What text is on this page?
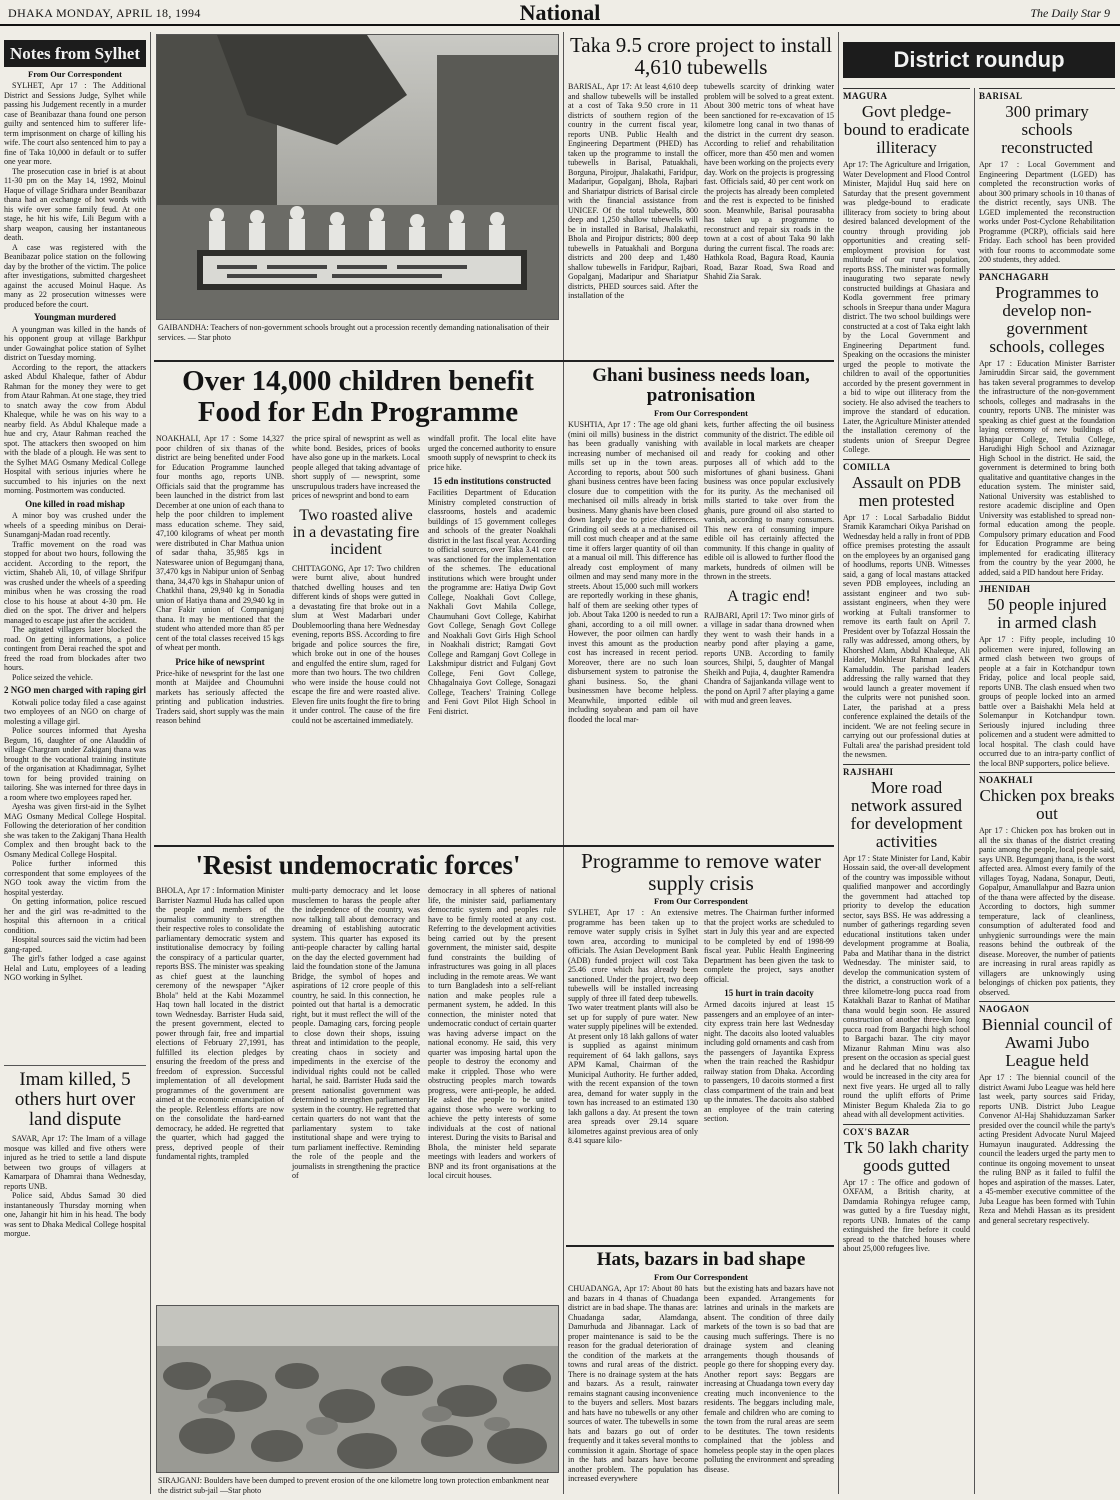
DHAKA MONDAY, APRIL 18, 1994	National	The Daily Star 9
Notes from Sylhet
From Our Correspondent

SYLHET, Apr 17 : The Additional District and Sessions Judge, Sylhet while passing his Judgement recently in a murder case of Beanibazar thana found one person guilty and sentenced him to sufferer life-term imprisonment on charge of killing his wife. The court also sentenced him to pay a fine of Taka 10,000 in default or to suffer one year more.

The prosecution case in brief is at about 11-30 pm on the May 14, 1992, Moinul Haque of village Sridhara under Beanibazar thana had an exchange of hot words with his wife over some family feud. At one stage, he hit his wife, Lili Begum with a sharp weapon, causing her instantaneous death.

A case was registered with the Beanibazar police station on the following day by the brother of the victim. The police after investigations, submitted chargesheet against the accused Moinul Haque. As many as 22 prosecution witnesses were produced before the court.

Youngman murdered

A youngman was killed in the hands of his opponent group at village Barkhpur under Gowainghat police station of Sylhet district on Tuesday morning.

According to the report, the attackers asked Abdul Khaleque, father of Abdur Rahman for the money they were to get from Ataur Rahman. At one stage, they tried to snatch away the cow from Abdul Khaleque, while he was on his way to a nearby field. As Abdul Khaleque made a hue and cry, Ataur Rahman reached the spot. The attackers then swooped on him with the blade of a plough. He was sent to the Sylhet MAG Osmany Medical College Hospital with serious injuries where he succumbed to his injuries on the next morning. Postmortem was conducted.

One killed in road mishap

A minor boy was crushed under the wheels of a speeding minibus on Derai-Sunamganj-Madan road recently.

Traffic movement on the road was stopped for about two hours, following the accident. According to the report, the victim, Shaheb Ali, 10, of village Shrifpur was crushed under the wheels of a speeding minibus when he was crossing the road close to his house at about 4-30 pm. He died on the spot. The driver and helpers managed to escape just after the accident.

The agitated villagers later blocked the road. On getting informations, a police contingent from Derai reached the spot and freed the road from blockades after two hours.

Police seized the vehicle.

2 NGO men charged with raping girl

Kotwali police today filed a case against two employees of an NGO on charge of molesting a village girl.

Police sources informed that Ayesha Begum, 16, daughter of one Alauddin of village Chargram under Zakiganj thana was brought to the vocational training institute of the organisation at Khadimnagar, Sylhet town for being provided training on tailoring. She was interned for three days in a room where two employees raped her.

Ayesha was given first-aid in the Sylhet MAG Osmany Medical College Hospital. Following the deterioration of her condition she was taken to the Zakiganj Thana Health Complex and then brought back to the Osmany Medical College Hospital.

Police further informed this correspondent that some employees of the NGO took away the victim from the hospital yesterday.

On getting information, police rescued her and the girl was re-admitted to the hospital this afternoon in a critical condition.

Hospital sources said the victim had been gang-raped.

The girl's father lodged a case against Helal and Lutu, employees of a leading NGO working in Sylhet.

Imam killed, 5 others hurt over land dispute

SAVAR, Apr 17: The Imam of a village mosque was killed and five others were injured as he tried to settle a land dispute between two groups of villagers at Kamarpara of Dhamrai thana Wednesday, reports UNB.

Police said, Abdus Samad 30 died instantaneously Thursday morning when one, Jahangir hit him in his head. The body was sent to Dhaka Medical College hospital morgue.

GAIBANDHA: Teachers of non-government schools brought out a procession recently demanding nationalisation of their services. — Star photo
Taka 9.5 crore project to install 4,610 tubewells
BARISAL, Apr 17: At least 4,610 deep and shallow tubewells will be installed at a cost of Taka 9.50 crore in 11 districts of southern region of the country in the current fiscal year, reports UNB. Public Health and Engineering Department (PHED) has taken up the programme to install the tubewells in Barisal, Patuakhali, Borguna, Pirojpur, Jhalakathi, Faridpur, Madaripur, Gopalganj, Bhola, Rajbari and Shariatpur districts of Barisal circle with the financial assistance from UNICEF. Of the total tubewells, 800 deep and 1,250 shallow tubewells will be in installed in Barisal, Jhalakathi, Bhola and Pirojpur districts; 800 deep tubewells in Patuakhali and Borguna districts and 200 deep and 1,480 shallow tubewells in Faridpur, Rajbari, Gopalganj, Madaripur and Shariatpur districts, PHED sources said. After the installation of the
tubewells scarcity of drinking water problem will be solved to a great extent. About 300 metric tons of wheat have been sanctioned for re-excavation of 15 kilometre long canal in two thanas of the district in the current dry season. According to relief and rehabilitation officer, more than 450 men and women have been working on the projects every day. Work on the projects is progressing fast. Officials said, 40 per cent work on the projects has already been completed and the rest is expected to be finished soon. Meanwhile, Barisal pourasabha has taken up a programme to reconstruct and repair six roads in the town at a cost of about Taka 90 lakh during the current fiscal. The roads are: Hathkola Road, Bagura Road, Kaunia Road, Bazar Road, Swa Road and Shahid Zia Sarak.
Over 14,000 children benefit Food for Edn Programme
NOAKHALI, Apr 17 : Some 14,327 poor children of six thanas of the district are being benefited under Food for Education Programme launched four months ago, reports UNB. Officials said that the programme has been launched in the district from last December at one union of each thana to help the poor children to implement mass education scheme. They said, 47,100 kilograms of wheat per month were distributed in Char Mathua union of sadar thaha, 35,985 kgs in Nateswaree union of Begumganj thana, 37,470 kgs in Nabipur union of Senbag thana, 34,470 kgs in Shahapur union of Chatkhil thana, 29,940 kg in Sonadia union of Hatiya thana and 29,940 kg in Char Fakir union of Companiganj thana. It may be mentioned that the student who attended more than 85 per cent of the total classes received 15 kgs of wheat per month.
Price hike of newsprint
Price-hike of newsprint for the last one month at Maijdee and Choumuhni markets has seriously affected the printing and publication industries. Traders said, short supply was the main reason behind
the price spiral of newsprint as well as white bond. Besides, prices of books have also gone up in the markets. Local people alleged that taking advantage of short supply of — newsprint, some unscrupulous traders have increased the prices of newsprint and bond to earn
Two roasted alive in a devastating fire incident
CHITTAGONG, Apr 17: Two children were burnt alive, about hundred thatched dwelling houses and ten different kinds of shops were gutted in a devastating fire that broke out in a slum at West Madarbari under Doublemoorling thana here Wednesday evening, reports BSS. According to fire brigade and police sources the fire, which broke out in one of the houses and engulfed the entire slum, raged for more than two hours. The two children who were inside the house could not escape the fire and were roasted alive. Eleven fire units fought the fire to bring it under control. The cause of the fire could not be ascertained immediately.
windfall profit. The local elite have urged the concerned authority to ensure smooth supply of newsprint to check its price hike.
15 edn institutions constructed
Facilities Department of Education Ministry completed construction of classrooms, hostels and academic buildings of 15 government colleges and schools of the greater Noakhali district in the last fiscal year. According to official sources, over Taka 3.41 core was sanctioned for the implementation of the schemes. The educational institutions which were brought under the programme are: Hatiya Dwip Govt College, Noakhali Govt College, Nakhali Govt Mahila College, Chaumuhani Govt College, Kabirhat Govt College, Senagh Govt College and Noakhali Govt Girls High School in Noakhali district; Ramgati Govt College and Ramganj Govt College in Lakshmipur district and Fulganj Govt College, Feni Govt College, Chhagalnaiya Govt College, Sonagazi College, Teachers' Training College and Feni Govt Pilot High School in Feni district.
Ghani business needs loan, patronisation
From Our Correspondent
KUSHTIA, Apr 17 : The age old ghani (mini oil mills) business in the district has been gradually vanishing with increasing number of mechanised oil mills set up in the town areas. According to reports, about 500 such ghani business centres have been facing closure due to competition with the mechanised oil mills already in brisk business. Many ghanis have been closed down largely due to price differences. Grinding oil seeds at a mechanised oil mill cost much cheaper and at the same time it offers larger quantity of oil than at a manual oil mill. This difference has already cost employment of many oilmen and may send many more in the streets. About 15,000 such mill workers are reportedly working in these ghanis, half of them are seeking other types of job. About Taka 1200 is needed to run a ghani, according to a oil mill owner. However, the poor oilmen can hardly invest this amount as the production cost has increased in recent period. Moreover, there are no such loan disbursement system to patronise the ghani business. So, the ghani businessmen have become helpless. Meanwhile, imported edible oil including soyabean and pam oil have flooded the local mar-
kets, further affecting the oil business community of the district. The edible oil available in local markets are cheaper and ready for cooking and other purposes all of which add to the misfortunes of ghani business. Ghani business was once popular exclusively for its purity. As the mechanised oil mills started to take over from the ghanis, pure ground oil also started to vanish, according to many consumers. This new era of consuming impure edible oil has certainly affected the community. If this change in quality of edible oil is allowed to further flood the markets, hundreds of oilmen will be thrown in the streets.
A tragic end!
RAJBARI, April 17: Two minor girls of a village in sadar thana drowned when they went to wash their hands in a nearby pond after playing a game, reports UNB. According to family sources, Shilpi, 5, daughter of Mangal Sheikh and Pujia, 4, daughter Ramendra Chandra of Sajjankanda village went to the pond on April 7 after playing a game with mud and green leaves.
'Resist undemocratic forces'
BHOLA, Apr 17 : Information Minister Barrister Nazmul Huda has called upon the people and members of the journalist community to strengthen their respective roles to consolidate the parliamentary democratic system and institutionalise democracy by foiling the conspiracy of a particular quarter, reports BSS. The minister was speaking as chief guest at the launching ceremony of the newspaper "Ajker Bhola" held at the Kabi Mozammel Haq town hall located in the district town Wednesday. Barrister Huda said, the present government, elected to power through fair, free and impartial elections of February 27,1991, has fulfilled its election pledges by ensuring the freedom of the press and freedom of expression. Successful implementation of all development programmes of the government are aimed at the economic emancipation of the people. Relentless efforts are now on the consolidate the hard-earned democracy, he added. He regretted that the quarter, which had gagged the press, deprived people of their fundamental rights, trampled
multi-party democracy and let loose musclemen to harass the people after the independence of the country, was now talking tall about democracy and dreaming of establishing autocratic system. This quarter has exposed its anti-people character by calling hartal on the day the elected government had laid the foundation stone of the Jamuna Bridge, the symbol of hopes and aspirations of 12 crore people of this country, he said. In this connection, he pointed out that hartal is a democratic right, but it must reflect the will of the people. Damaging cars, forcing people to close down their shops, issuing threat and intimidation to the people, creating chaos in society and impediments in the exercise of the individual rights could not be called hartal, he said. Barrister Huda said the present nationalist government was determined to strengthen parliamentary system in the country. He regretted that certain quarters do not want that the parliamentary system to take institutional shape and were trying to turn parliament ineffective. Reminding the role of the people and the journalists in strengthening the practice of
democracy in all spheres of national life, the minister said, parliamentary democratic system and peoples rule have to be firmly rooted at any cost. Referring to the development activities being carried out by the present government, the minister said, despite fund constraints the building of infrastructures was going in all places including in the remote areas. We want to turn Bangladesh into a self-reliant nation and make peoples rule a permanent system, he added. In this connection, the minister noted that undemocratic conduct of certain quarter was having adverse impact on the national economy. He said, this very quarter was imposing hartal upon the people to destroy the economy and make it crippled. Those who were obstructing peoples march towards progress, were anti-people, he added. He asked the people to be united against those who were working to achieve the petty interests of some individuals at the cost of national interest. During the visits to Barisal and Bhola, the minister held separate meetings with leaders and workers of BNP and its front organisations at the local circuit houses.
Programme to remove water supply crisis
From Our Correspondent
SYLHET, Apr 17 : An extensive programme has been taken up to remove water supply crisis in Sylhet town area, according to municipal officials. The Asian Development Bank (ADB) funded project will cost Taka 25.46 crore which has already been sanctioned. Under the project, two deep tubewells will be installed increasing supply of three ill fated deep tubewells. Two water treatment plants will also be set up for supply of pure water. New water supply pipelines will be extended. At present only 18 lakh gallons of water is supplied as against minimum requirement of 64 lakh gallons, says APM Kamal, Chairman of the Municipal Authority. He further added, with the recent expansion of the town area, demand for water supply in the town has increased to an estimated 130 lakh gallons a day. At present the town area spreads over 29.14 square kilometres against previous area of only 8.41 square kilo-
metres. The Chairman further informed that the project works are scheduled to start in July this year and are expected to be completed by end of 1998-99 fiscal year. Public Health Engineering Department has been given the task to complete the project, says another official.
15 hurt in train dacoity
Armed dacoits injured at least 15 passengers and an employee of an inter-city express train here last Wednesday night. The dacoits also looted valuables including gold ornaments and cash from the passengers of Jayantika Express when the train reached the Rashidpur railway station from Dhaka. According to passengers, 10 dacoits stormed a first class compartment of the train and beat up the inmates. The dacoits also stabbed an employee of the train catering section.
SIRAJGANJ: Boulders have been dumped to prevent erosion of the one kilometre long town protection embankment near the district sub-jail —Star photo
Hats, bazars in bad shape
From Our Correspondent
CHUADANGA, Apr 17: About 80 hats and bazars in 4 thanas of Chuadanga district are in bad shape. The thanas are: Chuadanga sadar, Alamdanga, Damurhuda and Jibannagar. Lack of proper maintenance is said to be the reason for the gradual deterioration of the condition of the markets at the towns and rural areas of the district. There is no drainage system at the hats and bazars. As a result, rainwater remains stagnant causing inconvenience to the buyers and sellers. Most bazars and hats have no tubewells or any other sources of water. The tubewells in some hats and bazars go out of order frequently and it takes several months to commission it again. Shortage of space in the hats and bazars have become another problem. The population has increased everywhere
but the existing hats and bazars have not been expanded. Arrangements for latrines and urinals in the markets are absent. The condition of three daily markets of the town is so bad that are causing much sufferings. There is no drainage system and cleaning arrangements though thousands of people go there for shopping every day. Another report says: Beggars are increasing at Chuadanga town every day creating much inconvenience to the residents. The beggars including male, female and children who are coming to the town from the rural areas are seem to be destitutes. The town residents complained that the jobless and homeless people stay in the open places polluting the environment and spreading disease.
District roundup
MAGURA
Govt pledge-bound to eradicate illiteracy
Apr 17: The Agriculture and Irrigation, Water Development and Flood Control Minister, Majidul Huq said here on Saturday that the present government was pledge-bound to eradicate illiteracy from society to bring about desired balanced development of the country through providing job opportunities and creating self-employment provision for vast multitude of our rural population, reports BSS. The minister was formally inaugurating two separate newly constructed buildings at Ghasiara and Kodla government free primary schools in Sreepur thana under Magura district. The two school buildings were constructed at a cost of Taka eight lakh by the Local Government and Engineering Department fund. Speaking on the occasions the minister urged the people to motivate the children to avail of the opportunities accorded by the present government in a bid to wipe out illiteracy from the society. He also advised the teachers to improve the standard of education. Later, the Agriculture Minister attended the installation ceremony of the students union of Sreepur Degree College.
COMILLA
Assault on PDB men protested
Apr 17 : Local Sarbadalio Biddut Sramik Karamchari Oikya Parishad on Wednesday held a rally in front of PDB office premises protesting the assault on the employees by an organised gang of hoodlums, reports UNB. Witnesses said, a gang of local mastans attacked seven PDB employees, including an assistant engineer and two sub-assistant engineers, when they were working at Fultali transformer to remove its earth fault on April 7. President over by Tofazzal Hossain the rally was addressed, among others, by Khorshed Alam, Abdul Khaleque, Ali Haider, Mokhlesur Rahman and AK Kamaluddin. The parishad leaders addressing the rally warned that they would launch a greater movement if the culprits were not punished soon. Later, the parishad at a press conference explained the details of the incident. 'We are not feeling secure in carrying out our professional duties at Fultali area' the parishad president told the newsmen.
RAJSHAHI
More road network assured for development activities
Apr 17 : State Minister for Land, Kabir Hossain said, the over-all development of the country was impossible without qualified manpower and accordingly the government had attached top priority to develop the education sector, says BSS. He was addressing a number of gatherings regarding seven educational institutions taken under development programme at Boalia, Paba and Matihar thana in the district Wednesday. The minister said, to develop the communication system of the district, a construction work of a three kilometre-long pucca road from Katakhali Bazar to Ranhat of Matihar thana would begin soon. He assured construction of another three-km long pucca road from Bargachi high school to Bargachi bazar. The city mayor Mizanur Rahman Minu was also present on the occasion as special guest and he declared that no holding tax would be increased in the city area for next five years. He urged all to rally round the uplift efforts of Prime Minister Begum Khaleda Zia to go ahead with all development activities.
COX'S BAZAR
Tk 50 lakh charity goods gutted
Apr 17 : The office and godown of OXFAM, a British charity, at Damdamia Rohingya refugee camp, was gutted by a fire Tuesday night, reports UNB. Inmates of the camp extinguished the fire before it could spread to the thatched houses where about 25,000 refugees live.
BARISAL
300 primary schools reconstructed
Apr 17 : Local Government and Engineering Department (LGED) has completed the reconstruction works of about 300 primary schools in 10 thanas of the district recently, says UNB. The LGED implemented the reconstruction works under Post-Cyclone Rehabilitation Programme (PCRP), officials said here Friday. Each school has been provided with four rooms to accommodate some 200 students, they added.
PANCHAGARH
Programmes to develop non-government schools, colleges
Apr 17 : Education Minister Barrister Jamiruddin Sircar said, the government has taken several programmes to develop the infrastructure of the non-government schools, colleges and madrasahs in the country, reports UNB. The minister was speaking as chief guest at the foundation laying ceremony of new buildings of Bhajanpur College, Tetulia College, Harudighi High School and Aziznagar High School in the district. He said, the government is determined to bring both qualitative and quantitative changes in the education system. The minister said, National University was established to restore academic discipline and Open University was established to spread non-formal education among the people. Compulsory primary education and Food for Education Programme are being implemented for eradicating illiteracy from the country by the year 2000, he added, said a PID handout here Friday.
JHENIDAH
50 people injured in armed clash
Apr 17 : Fifty people, including 10 policemen were injured, following an armed clash between two groups of people at a fair in Kotchandpur town Friday, police and local people said, reports UNB. The clash ensued when two groups of people locked into an armed battle over a Baishakhi Mela held at Solemanpur in Kotchandpur town. Seriously injured including three policemen and a student were admitted to local hospital. The clash could have occurred due to an intra-party conflict of the local BNP supporters, police believe.
NOAKHALI
Chicken pox breaks out
Apr 17 : Chicken pox has broken out in all the six thanas of the district creating panic among the people, local people said, says UNB. Begumganj thana, is the worst affected area. Almost every family of the villages Toyag, Nadana, Sonapur, Deuti, Gopalpur, Amanullahpur and Bazra union of the thana were affected by the disease. According to doctors, high summer temperature, lack of cleanliness, consumption of adulterated food and unhygienic surroundings were the main reasons behind the outbreak of the disease. Moreover, the number of patients are increasing in rural areas rapidly as villagers are unknowingly using belongings of chicken pox patients, they observed.
NAOGAON
Biennial council of Awami Jubo League held
Apr 17 : The biennial council of the district Awami Jubo League was held here last week, party sources said Friday, reports UNB. District Jubo League Convenor Al-Haj Shahiduzzaman Sarker presided over the council while the party's acting President Advocate Nurul Majeed Humayun inaugurated. Addressing the council the leaders urged the party men to continue its ongoing movement to unseat the ruling BNP as it failed to fulfil the hopes and aspiration of the masses. Later, a 45-member executive committee of the Juba League has been formed with Tuhin Reza and Mehdi Hassan as its president and general secretary respectively.
